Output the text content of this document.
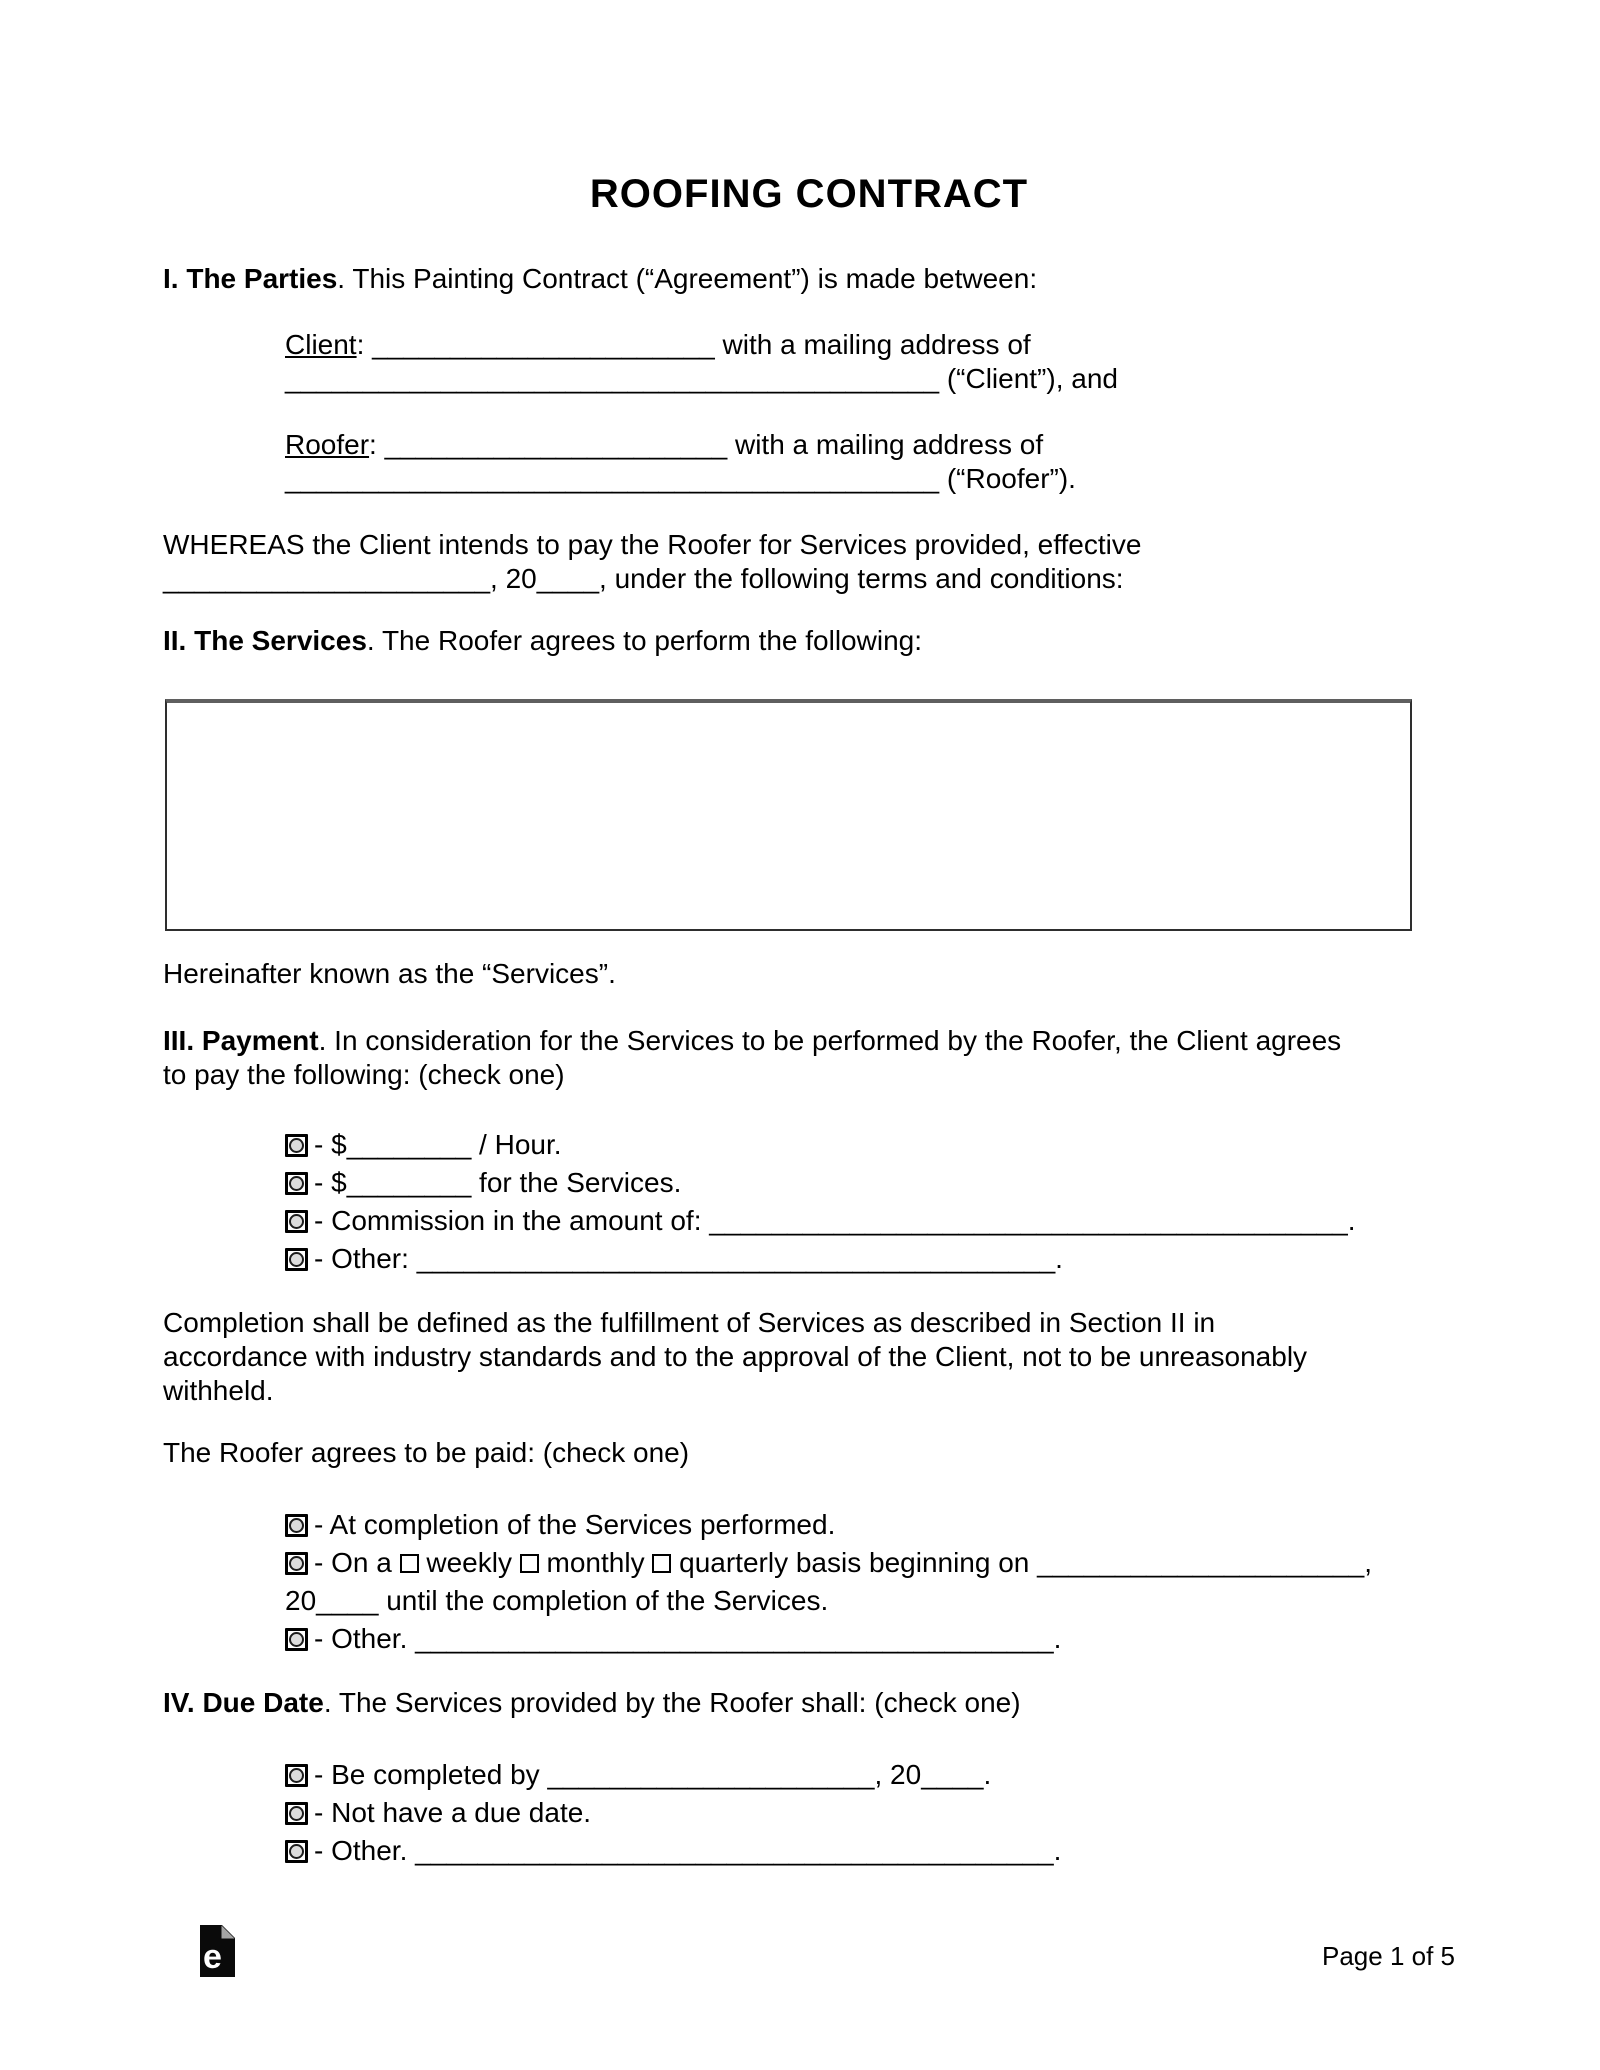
ROOFING CONTRACT

I. The Parties. This Painting Contract (“Agreement”) is made between:

Client: ______________________ with a mailing address of
__________________________________________ (“Client”), and

Roofer: ______________________ with a mailing address of
__________________________________________ (“Roofer”).

WHEREAS the Client intends to pay the Roofer for Services provided, effective
_____________________, 20____, under the following terms and conditions:

II. The Services. The Roofer agrees to perform the following:

Hereinafter known as the “Services”.

III. Payment. In consideration for the Services to be performed by the Roofer, the Client agrees
to pay the following: (check one)

- $________ / Hour.
- $________ for the Services.
- Commission in the amount of: _________________________________________.
- Other: _________________________________________.

Completion shall be defined as the fulfillment of Services as described in Section II in
accordance with industry standards and to the approval of the Client, not to be unreasonably
withheld.

The Roofer agrees to be paid: (check one)

- At completion of the Services performed.
- On a  weekly  monthly  quarterly basis beginning on _____________________,
20____ until the completion of the Services.
- Other. _________________________________________.

IV. Due Date. The Services provided by the Roofer shall: (check one)

- Be completed by _____________________, 20____.
- Not have a due date.
- Other. _________________________________________.
e	Page 1 of 5
